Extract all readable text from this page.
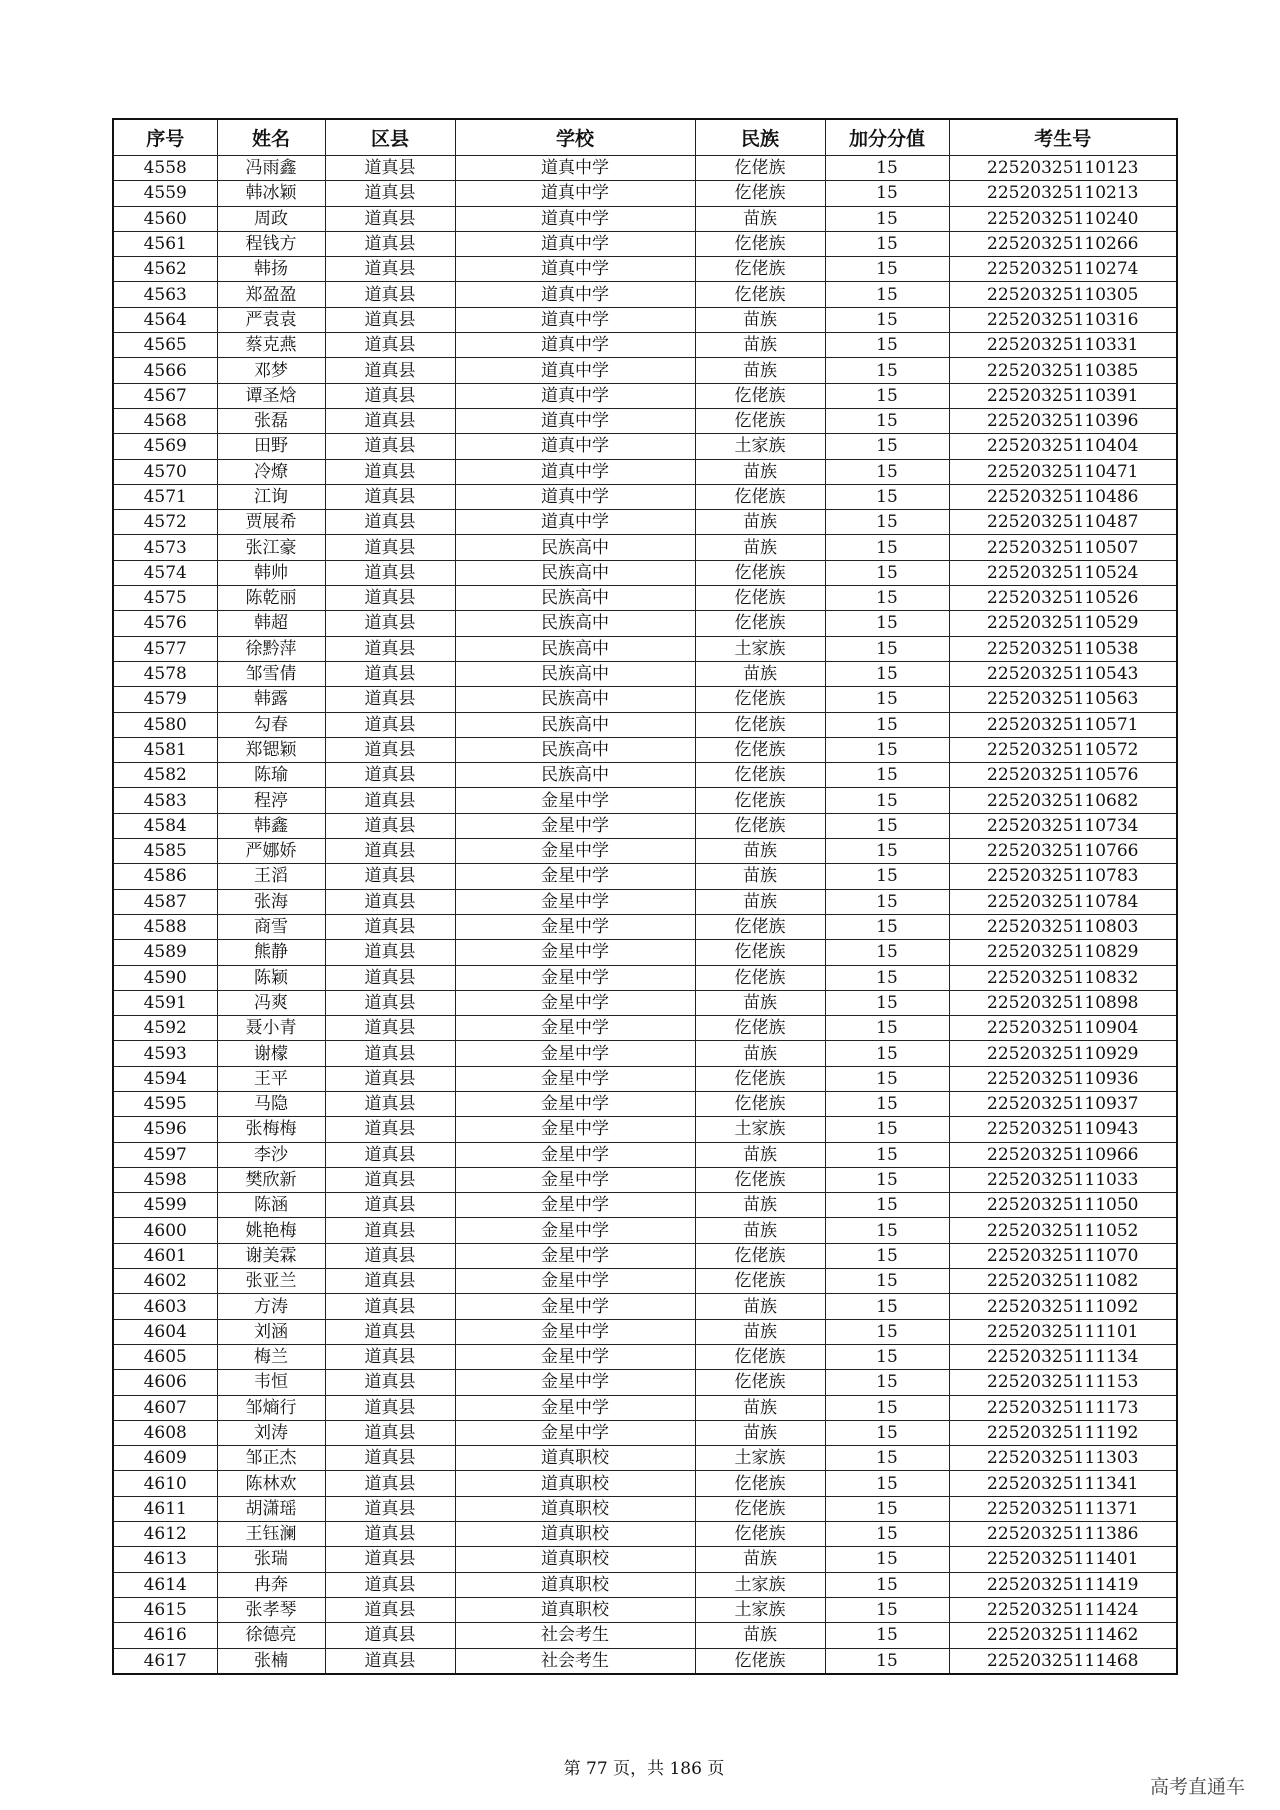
序号	姓名	区县	学校	民族	加分分值	考生号
4558	冯雨鑫	道真县	道真中学	仡佬族	15	22520325110123
4559	韩冰颖	道真县	道真中学	仡佬族	15	22520325110213
4560	周政	道真县	道真中学	苗族	15	22520325110240
4561	程钱方	道真县	道真中学	仡佬族	15	22520325110266
4562	韩扬	道真县	道真中学	仡佬族	15	22520325110274
4563	郑盈盈	道真县	道真中学	仡佬族	15	22520325110305
4564	严袁袁	道真县	道真中学	苗族	15	22520325110316
4565	蔡克燕	道真县	道真中学	苗族	15	22520325110331
4566	邓梦	道真县	道真中学	苗族	15	22520325110385
4567	谭圣焓	道真县	道真中学	仡佬族	15	22520325110391
4568	张磊	道真县	道真中学	仡佬族	15	22520325110396
4569	田野	道真县	道真中学	土家族	15	22520325110404
4570	冷燎	道真县	道真中学	苗族	15	22520325110471
4571	江询	道真县	道真中学	仡佬族	15	22520325110486
4572	贾展希	道真县	道真中学	苗族	15	22520325110487
4573	张江豪	道真县	民族高中	苗族	15	22520325110507
4574	韩帅	道真县	民族高中	仡佬族	15	22520325110524
4575	陈乾丽	道真县	民族高中	仡佬族	15	22520325110526
4576	韩超	道真县	民族高中	仡佬族	15	22520325110529
4577	徐黔萍	道真县	民族高中	土家族	15	22520325110538
4578	邹雪倩	道真县	民族高中	苗族	15	22520325110543
4579	韩露	道真县	民族高中	仡佬族	15	22520325110563
4580	勾春	道真县	民族高中	仡佬族	15	22520325110571
4581	郑锶颖	道真县	民族高中	仡佬族	15	22520325110572
4582	陈瑜	道真县	民族高中	仡佬族	15	22520325110576
4583	程渟	道真县	金星中学	仡佬族	15	22520325110682
4584	韩鑫	道真县	金星中学	仡佬族	15	22520325110734
4585	严娜娇	道真县	金星中学	苗族	15	22520325110766
4586	王滔	道真县	金星中学	苗族	15	22520325110783
4587	张海	道真县	金星中学	苗族	15	22520325110784
4588	商雪	道真县	金星中学	仡佬族	15	22520325110803
4589	熊静	道真县	金星中学	仡佬族	15	22520325110829
4590	陈颖	道真县	金星中学	仡佬族	15	22520325110832
4591	冯爽	道真县	金星中学	苗族	15	22520325110898
4592	聂小青	道真县	金星中学	仡佬族	15	22520325110904
4593	谢檬	道真县	金星中学	苗族	15	22520325110929
4594	王平	道真县	金星中学	仡佬族	15	22520325110936
4595	马隐	道真县	金星中学	仡佬族	15	22520325110937
4596	张梅梅	道真县	金星中学	土家族	15	22520325110943
4597	李沙	道真县	金星中学	苗族	15	22520325110966
4598	樊欣新	道真县	金星中学	仡佬族	15	22520325111033
4599	陈涵	道真县	金星中学	苗族	15	22520325111050
4600	姚艳梅	道真县	金星中学	苗族	15	22520325111052
4601	谢美霖	道真县	金星中学	仡佬族	15	22520325111070
4602	张亚兰	道真县	金星中学	仡佬族	15	22520325111082
4603	方涛	道真县	金星中学	苗族	15	22520325111092
4604	刘涵	道真县	金星中学	苗族	15	22520325111101
4605	梅兰	道真县	金星中学	仡佬族	15	22520325111134
4606	韦恒	道真县	金星中学	仡佬族	15	22520325111153
4607	邹熵行	道真县	金星中学	苗族	15	22520325111173
4608	刘涛	道真县	金星中学	苗族	15	22520325111192
4609	邹正杰	道真县	道真职校	土家族	15	22520325111303
4610	陈林欢	道真县	道真职校	仡佬族	15	22520325111341
4611	胡潇瑶	道真县	道真职校	仡佬族	15	22520325111371
4612	王钰澜	道真县	道真职校	仡佬族	15	22520325111386
4613	张瑞	道真县	道真职校	苗族	15	22520325111401
4614	冉奔	道真县	道真职校	土家族	15	22520325111419
4615	张孝琴	道真县	道真职校	土家族	15	22520325111424
4616	徐德亮	道真县	社会考生	苗族	15	22520325111462
4617	张楠	道真县	社会考生	仡佬族	15	22520325111468
第 77 页，共 186 页
高考直通车
